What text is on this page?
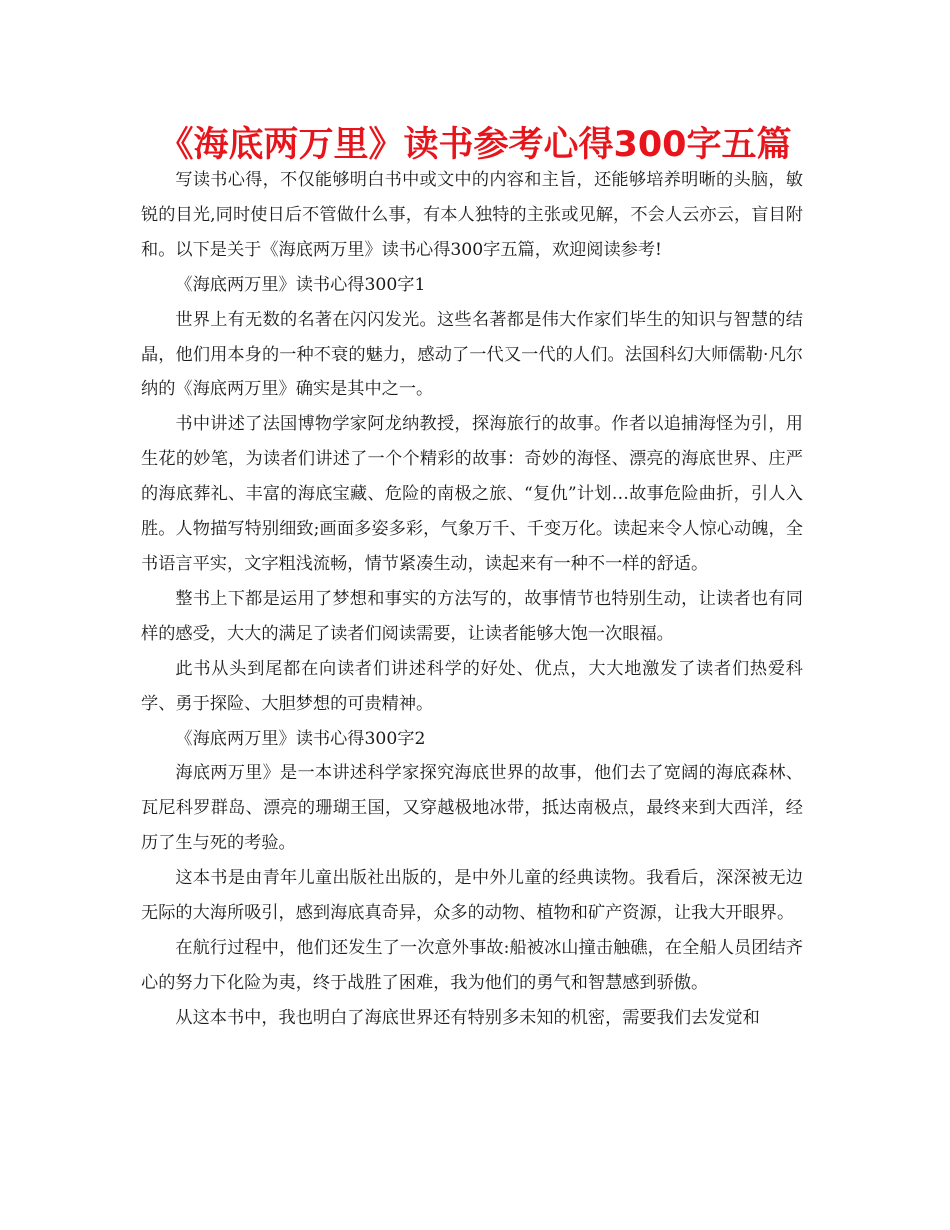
《海底两万里》读书参考心得300字五篇

写读书心得，不仅能够明白书中或文中的内容和主旨，还能够培养明晰的头脑，敏锐的目光,同时使日后不管做什么事，有本人独特的主张或见解，不会人云亦云，盲目附和。以下是关于《海底两万里》读书心得300字五篇，欢迎阅读参考!

《海底两万里》读书心得300字1

世界上有无数的名著在闪闪发光。这些名著都是伟大作家们毕生的知识与智慧的结晶，他们用本身的一种不衰的魅力，感动了一代又一代的人们。法国科幻大师儒勒·凡尔纳的《海底两万里》确实是其中之一。

书中讲述了法国博物学家阿龙纳教授，探海旅行的故事。作者以追捕海怪为引，用生花的妙笔，为读者们讲述了一个个精彩的故事：奇妙的海怪、漂亮的海底世界、庄严的海底葬礼、丰富的海底宝藏、危险的南极之旅、“复仇”计划…故事危险曲折，引人入胜。人物描写特别细致;画面多姿多彩，气象万千、千变万化。读起来令人惊心动魄，全书语言平实，文字粗浅流畅，情节紧凑生动，读起来有一种不一样的舒适。

整书上下都是运用了梦想和事实的方法写的，故事情节也特别生动，让读者也有同样的感受，大大的满足了读者们阅读需要，让读者能够大饱一次眼福。

此书从头到尾都在向读者们讲述科学的好处、优点，大大地激发了读者们热爱科学、勇于探险、大胆梦想的可贵精神。

《海底两万里》读书心得300字2

海底两万里》是一本讲述科学家探究海底世界的故事，他们去了宽阔的海底森林、瓦尼科罗群岛、漂亮的珊瑚王国，又穿越极地冰带，抵达南极点，最终来到大西洋，经历了生与死的考验。

这本书是由青年儿童出版社出版的，是中外儿童的经典读物。我看后，深深被无边无际的大海所吸引，感到海底真奇异，众多的动物、植物和矿产资源，让我大开眼界。

在航行过程中，他们还发生了一次意外事故:船被冰山撞击触礁，在全船人员团结齐心的努力下化险为夷，终于战胜了困难，我为他们的勇气和智慧感到骄傲。

从这本书中，我也明白了海底世界还有特别多未知的机密，需要我们去发觉和
